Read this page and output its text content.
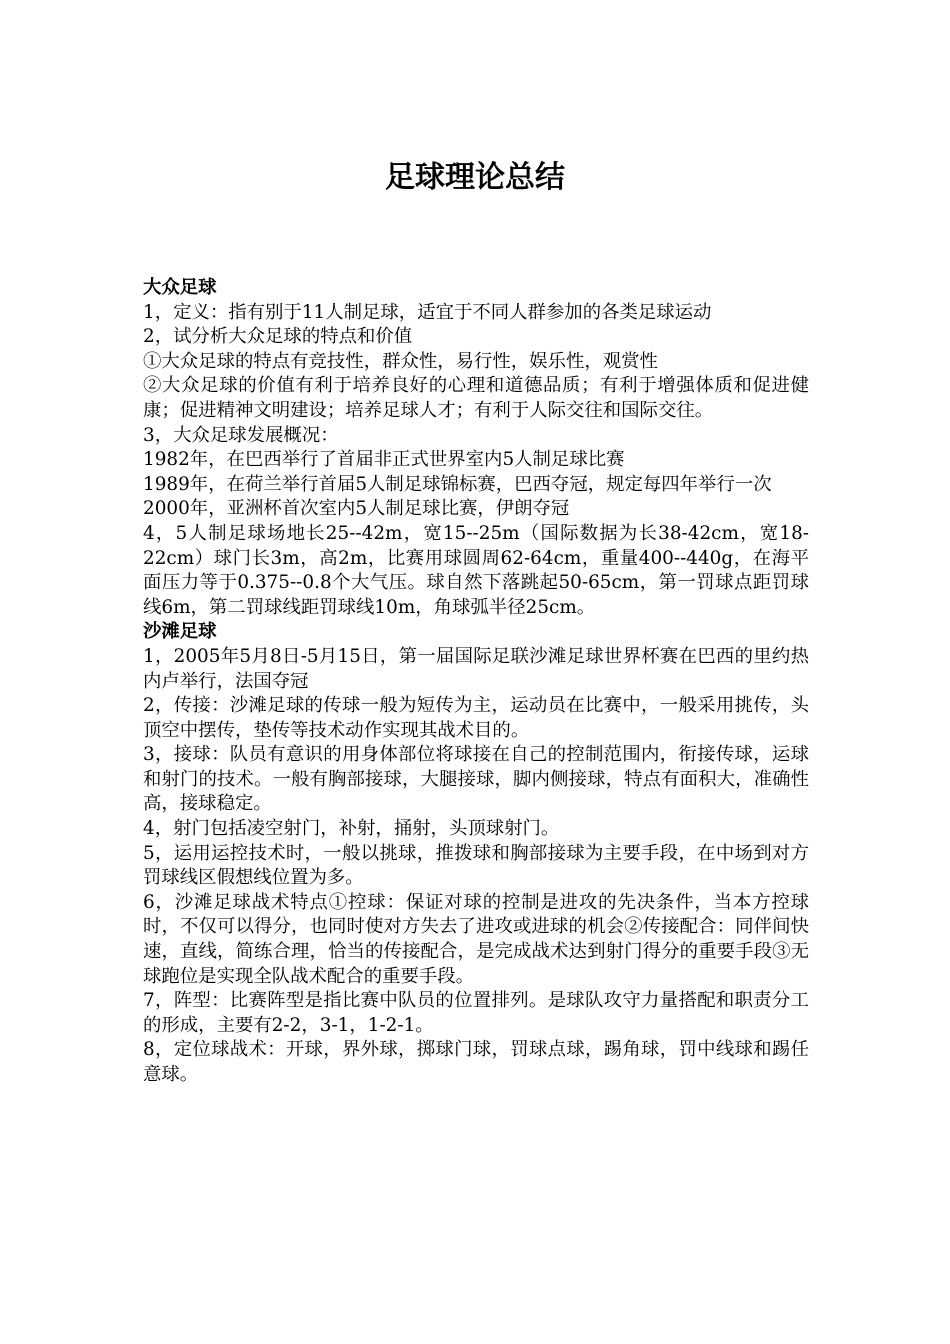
足球理论总结

大众足球

1，定义：指有别于11人制足球，适宜于不同人群参加的各类足球运动

2，试分析大众足球的特点和价值

①大众足球的特点有竞技性，群众性，易行性，娱乐性，观赏性

②大众足球的价值有利于培养良好的心理和道德品质；有利于增强体质和促进健康；促进精神文明建设；培养足球人才；有利于人际交往和国际交往。

3，大众足球发展概况：

1982年，在巴西举行了首届非正式世界室内5人制足球比赛

1989年，在荷兰举行首届5人制足球锦标赛，巴西夺冠，规定每四年举行一次

2000年，亚洲杯首次室内5人制足球比赛，伊朗夺冠

4，5人制足球场地长25--42m，宽15--25m（国际数据为长38-42cm，宽18-22cm）球门长3m，高2m，比赛用球圆周62-64cm，重量400--440g，在海平面压力等于0.375--0.8个大气压。球自然下落跳起50-65cm，第一罚球点距罚球线6m，第二罚球线距罚球线10m，角球弧半径25cm。

沙滩足球

1，2005年5月8日-5月15日，第一届国际足联沙滩足球世界杯赛在巴西的里约热内卢举行，法国夺冠

2，传接：沙滩足球的传球一般为短传为主，运动员在比赛中，一般采用挑传，头顶空中摆传，垫传等技术动作实现其战术目的。

3，接球：队员有意识的用身体部位将球接在自己的控制范围内，衔接传球，运球和射门的技术。一般有胸部接球，大腿接球，脚内侧接球，特点有面积大，准确性高，接球稳定。

4，射门包括凌空射门，补射，捅射，头顶球射门。

5，运用运控技术时，一般以挑球，推拨球和胸部接球为主要手段，在中场到对方罚球线区假想线位置为多。

6，沙滩足球战术特点①控球：保证对球的控制是进攻的先决条件，当本方控球时，不仅可以得分，也同时使对方失去了进攻或进球的机会②传接配合：同伴间快速，直线，简练合理，恰当的传接配合，是完成战术达到射门得分的重要手段③无球跑位是实现全队战术配合的重要手段。

7，阵型：比赛阵型是指比赛中队员的位置排列。是球队攻守力量搭配和职责分工的形成，主要有2-2，3-1，1-2-1。

8，定位球战术：开球，界外球，掷球门球，罚球点球，踢角球，罚中线球和踢任意球。
